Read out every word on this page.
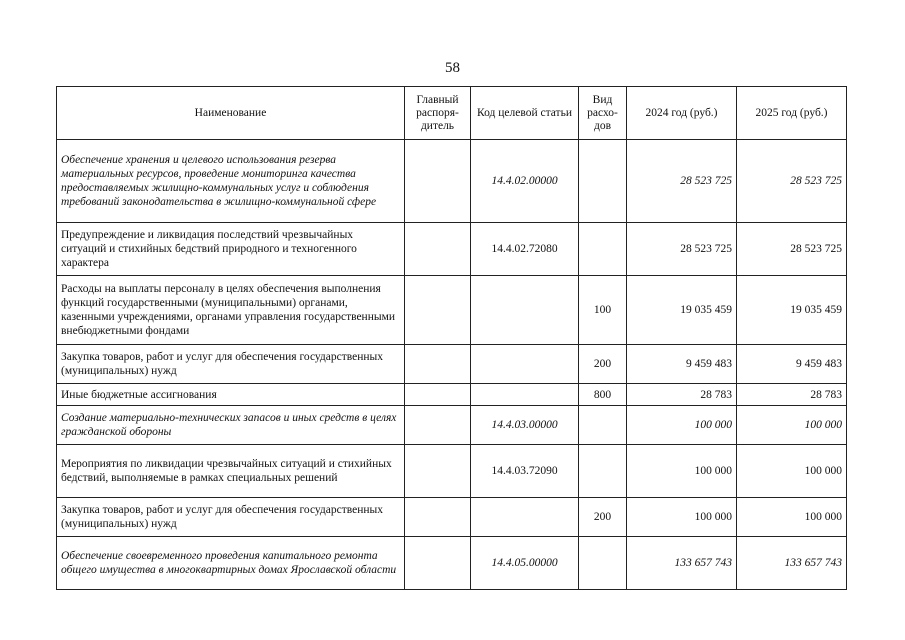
58
Наименование	Главный распоря-дитель	Код целевой статьи	Вид расхо-дов	2024 год (руб.)	2025 год (руб.)
Обеспечение хранения и целевого использования резерва материальных ресурсов, проведение мониторинга качества предоставляемых жилищно-коммунальных услуг и соблюдения требований законодательства в жилищно-коммунальной сфере		14.4.02.00000		28 523 725	28 523 725
Предупреждение и ликвидация последствий чрезвычайных ситуаций и стихийных бедствий природного и техногенного характера		14.4.02.72080		28 523 725	28 523 725
Расходы на выплаты персоналу в целях обеспечения выполнения функций государственными (муниципальными) органами, казенными учреждениями, органами управления государственными внебюджетными фондами			100	19 035 459	19 035 459
Закупка товаров, работ и услуг для обеспечения государственных (муниципальных) нужд			200	9 459 483	9 459 483
Иные бюджетные ассигнования			800	28 783	28 783
Создание материально-технических запасов и иных средств в целях гражданской обороны		14.4.03.00000		100 000	100 000
Мероприятия по ликвидации чрезвычайных ситуаций и стихийных бедствий, выполняемые в рамках специальных решений		14.4.03.72090		100 000	100 000
Закупка товаров, работ и услуг для обеспечения государственных (муниципальных) нужд			200	100 000	100 000
Обеспечение своевременного проведения капитального ремонта общего имущества в многоквартирных домах Ярославской области		14.4.05.00000		133 657 743	133 657 743
